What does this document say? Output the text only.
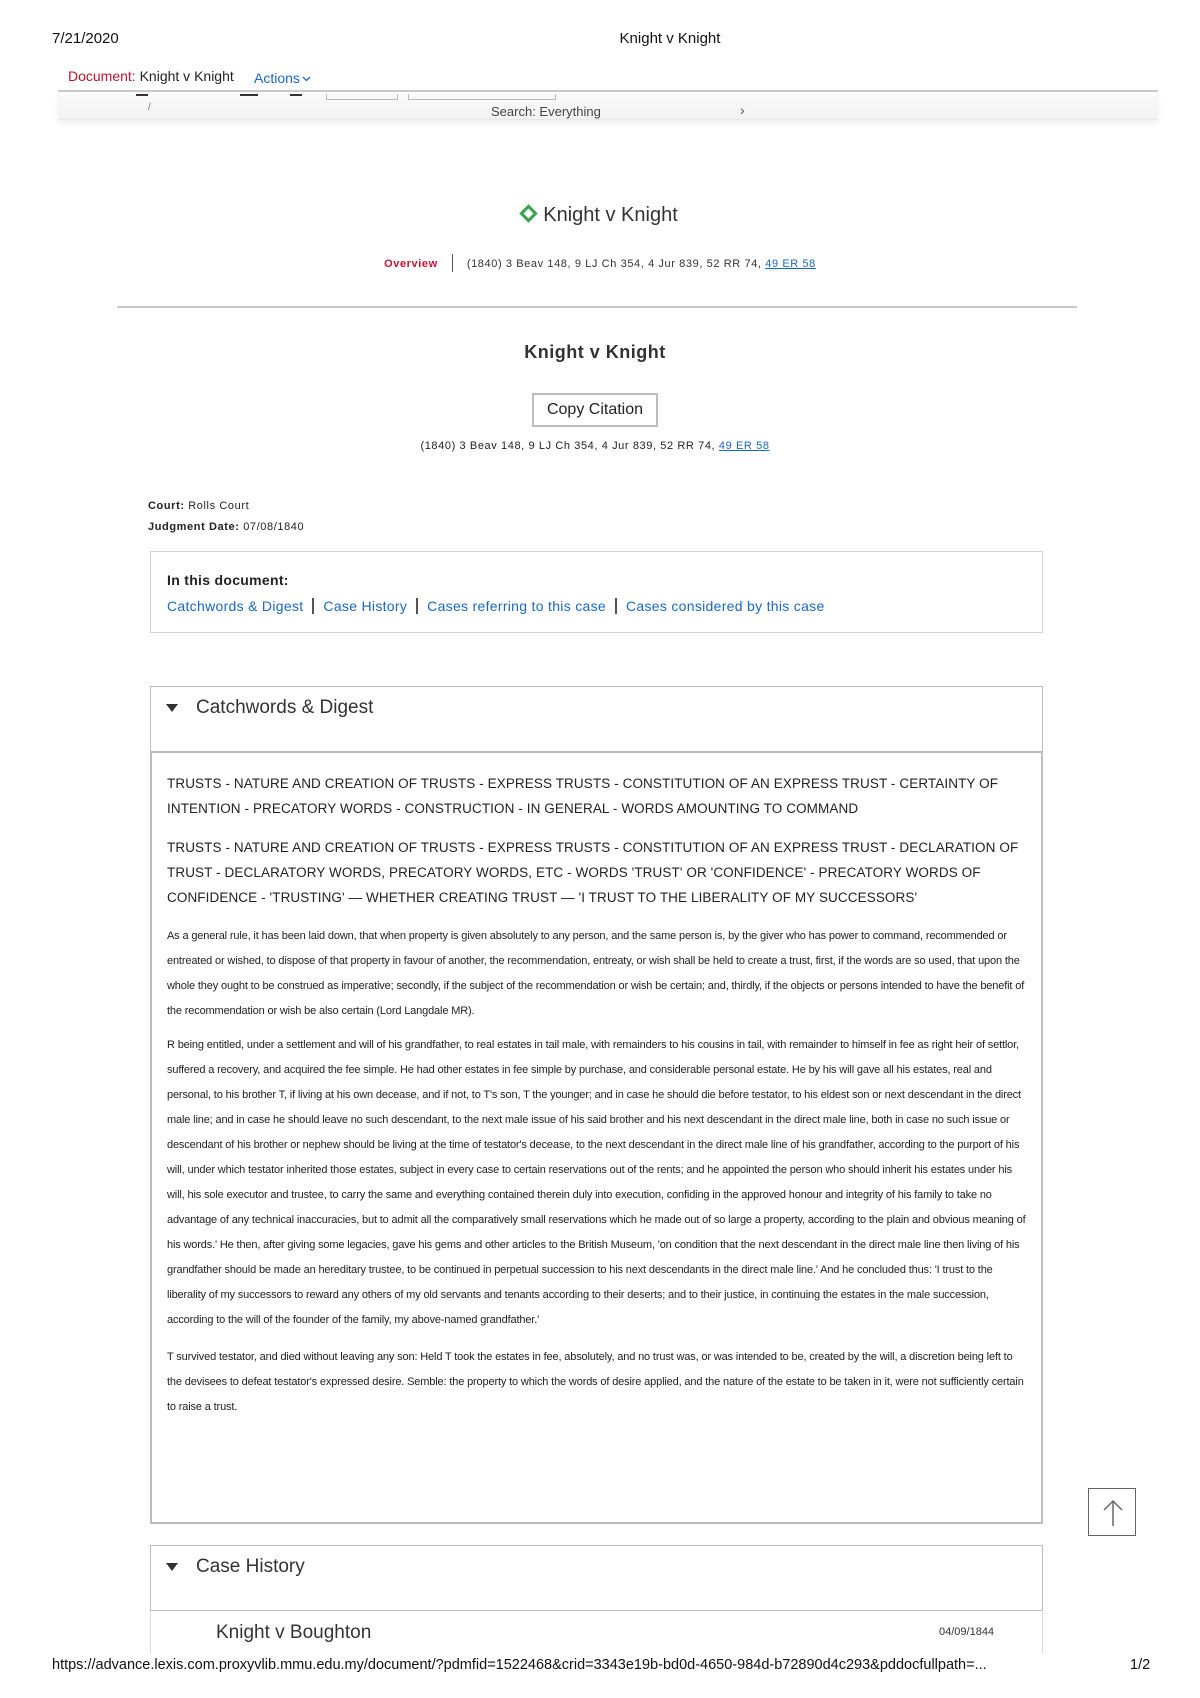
7/21/2020	Knight v Knight
Document: Knight v Knight Actions
/	Search: Everything	›
Knight v Knight
Overview	(1840) 3 Beav 148, 9 LJ Ch 354, 4 Jur 839, 52 RR 74, 49 ER 58
Knight v Knight
Copy Citation
(1840) 3 Beav 148, 9 LJ Ch 354, 4 Jur 839, 52 RR 74, 49 ER 58
Court: Rolls Court
Judgment Date: 07/08/1840
In this document:
Catchwords & Digest Case History Cases referring to this case Cases considered by this case
Catchwords & Digest

TRUSTS - NATURE AND CREATION OF TRUSTS - EXPRESS TRUSTS - CONSTITUTION OF AN EXPRESS TRUST - CERTAINTY OF INTENTION - PRECATORY WORDS - CONSTRUCTION - IN GENERAL - WORDS AMOUNTING TO COMMAND

TRUSTS - NATURE AND CREATION OF TRUSTS - EXPRESS TRUSTS - CONSTITUTION OF AN EXPRESS TRUST - DECLARATION OF TRUST - DECLARATORY WORDS, PRECATORY WORDS, ETC - WORDS 'TRUST' OR 'CONFIDENCE' - PRECATORY WORDS OF CONFIDENCE - 'TRUSTING' — WHETHER CREATING TRUST — 'I TRUST TO THE LIBERALITY OF MY SUCCESSORS'

As a general rule, it has been laid down, that when property is given absolutely to any person, and the same person is, by the giver who has power to command, recommended or entreated or wished, to dispose of that property in favour of another, the recommendation, entreaty, or wish shall be held to create a trust, first, if the words are so used, that upon the whole they ought to be construed as imperative; secondly, if the subject of the recommendation or wish be certain; and, thirdly, if the objects or persons intended to have the benefit of the recommendation or wish be also certain (Lord Langdale MR).

R being entitled, under a settlement and will of his grandfather, to real estates in tail male, with remainders to his cousins in tail, with remainder to himself in fee as right heir of settlor, suffered a recovery, and acquired the fee simple. He had other estates in fee simple by purchase, and considerable personal estate. He by his will gave all his estates, real and personal, to his brother T, if living at his own decease, and if not, to T's son, T the younger; and in case he should die before testator, to his eldest son or next descendant in the direct male line; and in case he should leave no such descendant, to the next male issue of his said brother and his next descendant in the direct male line, both in case no such issue or descendant of his brother or nephew should be living at the time of testator's decease, to the next descendant in the direct male line of his grandfather, according to the purport of his will, under which testator inherited those estates, subject in every case to certain reservations out of the rents; and he appointed the person who should inherit his estates under his will, his sole executor and trustee, to carry the same and everything contained therein duly into execution, confiding in the approved honour and integrity of his family to take no advantage of any technical inaccuracies, but to admit all the comparatively small reservations which he made out of so large a property, according to the plain and obvious meaning of his words.' He then, after giving some legacies, gave his gems and other articles to the British Museum, 'on condition that the next descendant in the direct male line then living of his grandfather should be made an hereditary trustee, to be continued in perpetual succession to his next descendants in the direct male line.' And he concluded thus: 'I trust to the liberality of my successors to reward any others of my old servants and tenants according to their deserts; and to their justice, in continuing the estates in the male succession, according to the will of the founder of the family, my above-named grandfather.'

T survived testator, and died without leaving any son: Held T took the estates in fee, absolutely, and no trust was, or was intended to be, created by the will, a discretion being left to the devisees to defeat testator's expressed desire. Semble: the property to which the words of desire applied, and the nature of the estate to be taken in it, were not sufficiently certain to raise a trust.

Case History
Knight v Boughton	04/09/1844
https://advance.lexis.com.proxyvlib.mmu.edu.my/document/?pdmfid=1522468&crid=3343e19b-bd0d-4650-984d-b72890d4c293&pddocfullpath=...	1/2
